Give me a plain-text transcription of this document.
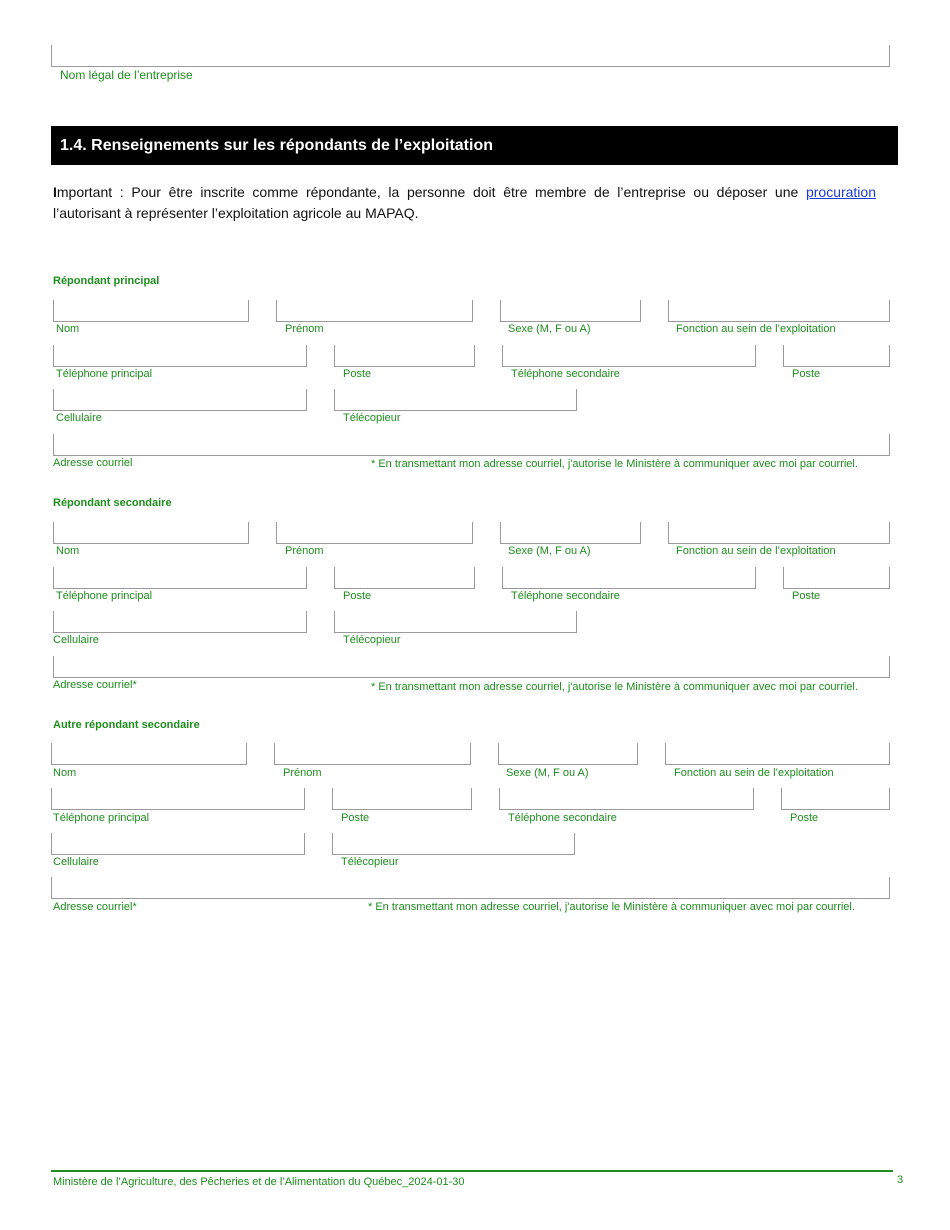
Nom légal de l’entreprise
1.4. Renseignements sur les répondants de l’exploitation
Important : Pour être inscrite comme répondante, la personne doit être membre de l’entreprise ou déposer une procuration l’autorisant à représenter l’exploitation agricole au MAPAQ.
Répondant principal
Nom	Prénom	Sexe (M, F ou A)	Fonction au sein de l’exploitation
Téléphone principal	Poste	Téléphone secondaire	Poste
Cellulaire	Télécopieur
Adresse courriel	* En transmettant mon adresse courriel, j'autorise le Ministère à communiquer avec moi par courriel.
Répondant secondaire
Nom	Prénom	Sexe (M, F ou A)	Fonction au sein de l’exploitation
Téléphone principal	Poste	Téléphone secondaire	Poste
Cellulaire	Télécopieur
Adresse courriel*	* En transmettant mon adresse courriel, j'autorise le Ministère à communiquer avec moi par courriel.
Autre répondant secondaire
Nom	Prénom	Sexe (M, F ou A)	Fonction au sein de l’exploitation
Téléphone principal	Poste	Téléphone secondaire	Poste
Cellulaire	Télécopieur
Adresse courriel*	* En transmettant mon adresse courriel, j'autorise le Ministère à communiquer avec moi par courriel.
Ministère de l’Agriculture, des Pêcheries et de l’Alimentation du Québec_2024-01-30	3
